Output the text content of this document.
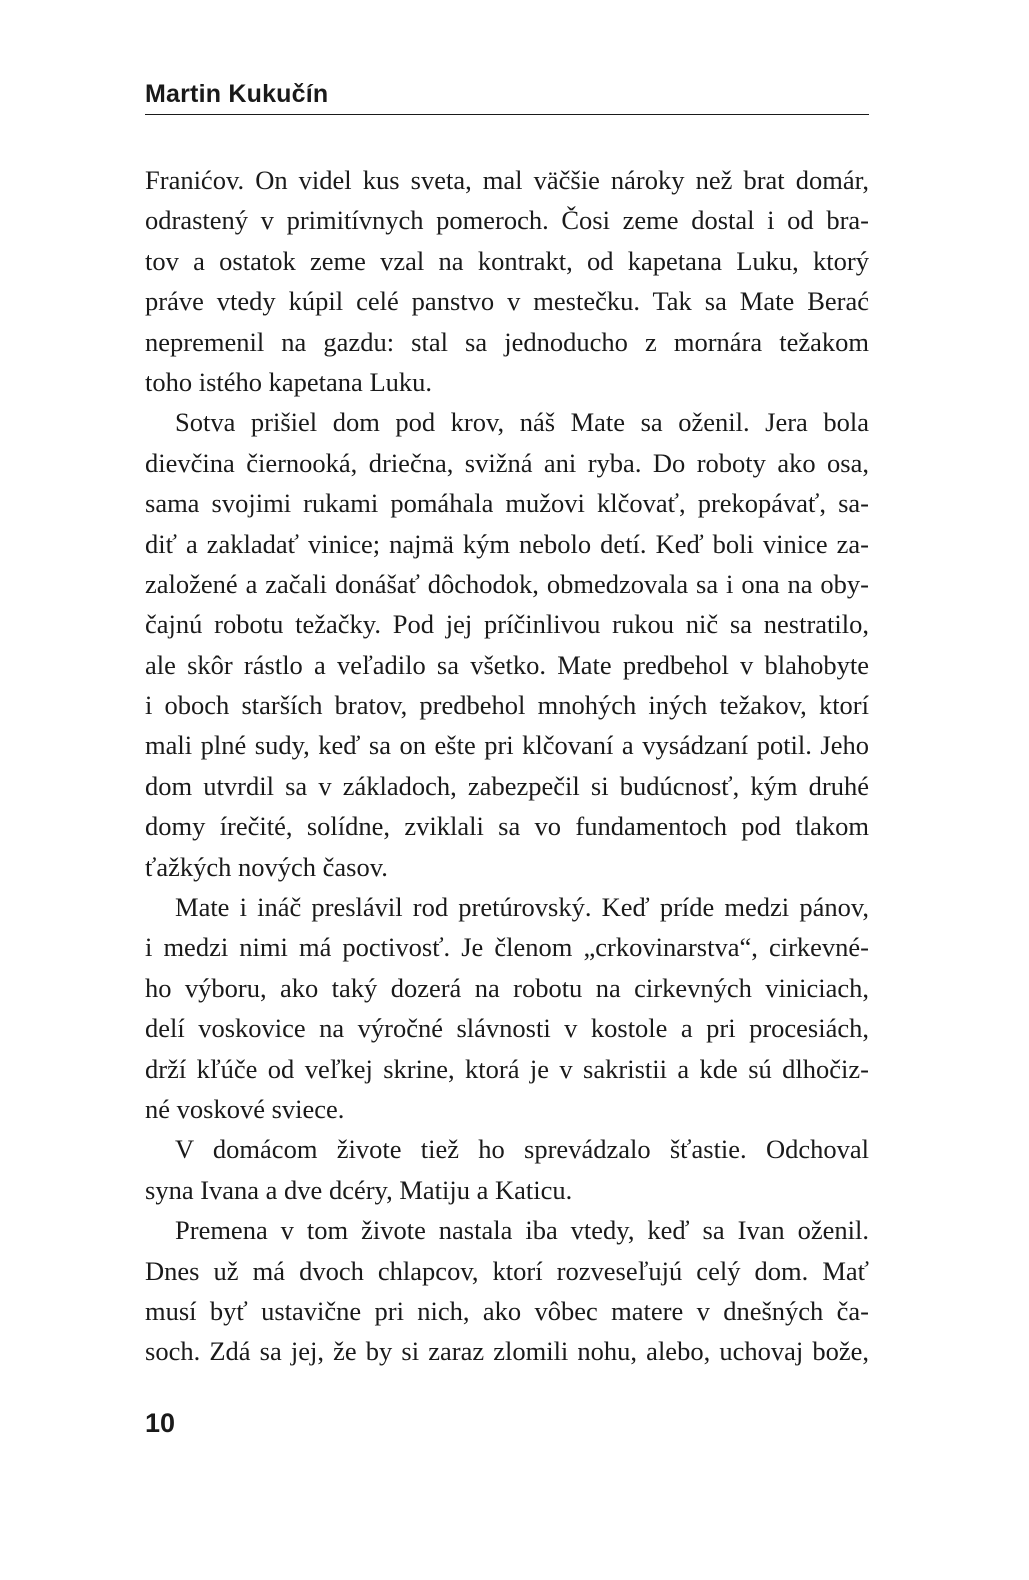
Martin Kukučín
Franićov. On videl kus sveta, mal väčšie nároky než brat domár,
odrastený v primitívnych pomeroch. Čosi zeme dostal i od bra-
tov a ostatok zeme vzal na kontrakt, od kapetana Luku, ktorý
práve vtedy kúpil celé panstvo v mestečku. Tak sa Mate Berać
nepremenil na gazdu: stal sa jednoducho z mornára težakom
toho istého kapetana Luku.
Sotva prišiel dom pod krov, náš Mate sa oženil. Jera bola
dievčina čiernooká, driečna, svižná ani ryba. Do roboty ako osa,
sama svojimi rukami pomáhala mužovi klčovať, prekopávať, sa-
diť a zakladať vinice; najmä kým nebolo detí. Keď boli vinice za-
založené a začali donášať dôchodok, obmedzovala sa i ona na oby-
čajnú robotu težačky. Pod jej príčinlivou rukou nič sa nestratilo,
ale skôr rástlo a veľadilo sa všetko. Mate predbehol v blahobyte
i oboch starších bratov, predbehol mnohých iných težakov, ktorí
mali plné sudy, keď sa on ešte pri klčovaní a vysádzaní potil. Jeho
dom utvrdil sa v základoch, zabezpečil si budúcnosť, kým druhé
domy írečité, solídne, zviklali sa vo fundamentoch pod tlakom
ťažkých nových časov.
Mate i ináč preslávil rod pretúrovský. Keď príde medzi pánov,
i medzi nimi má poctivosť. Je členom „crkovinarstva“, cirkevné-
ho výboru, ako taký dozerá na robotu na cirkevných viniciach,
delí voskovice na výročné slávnosti v kostole a pri procesiách,
drží kľúče od veľkej skrine, ktorá je v sakristii a kde sú dlhočiz-
né voskové sviece.
V domácom živote tiež ho sprevádzalo šťastie. Odchoval
syna Ivana a dve dcéry, Matiju a Katicu.
Premena v tom živote nastala iba vtedy, keď sa Ivan oženil.
Dnes už má dvoch chlapcov, ktorí rozveseľujú celý dom. Mať
musí byť ustavične pri nich, ako vôbec matere v dnešných ča-
soch. Zdá sa jej, že by si zaraz zlomili nohu, alebo, uchovaj bože,
10
